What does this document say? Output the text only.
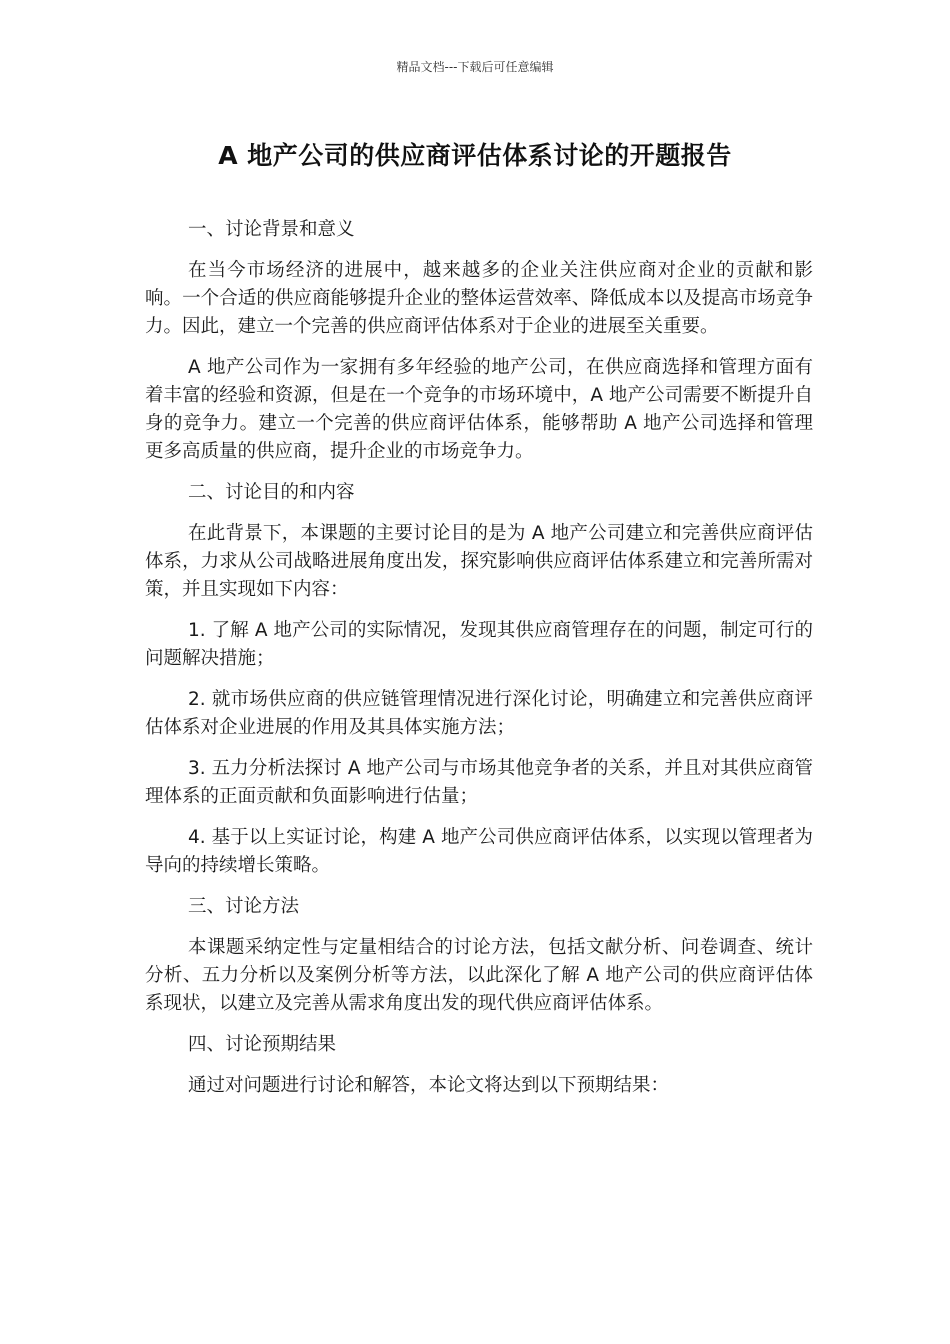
精品文档---下载后可任意编辑
A 地产公司的供应商评估体系讨论的开题报告

一、讨论背景和意义

在当今市场经济的进展中，越来越多的企业关注供应商对企业的贡献和影响。一个合适的供应商能够提升企业的整体运营效率、降低成本以及提高市场竞争力。因此，建立一个完善的供应商评估体系对于企业的进展至关重要。

A 地产公司作为一家拥有多年经验的地产公司，在供应商选择和管理方面有着丰富的经验和资源，但是在一个竞争的市场环境中，A 地产公司需要不断提升自身的竞争力。建立一个完善的供应商评估体系，能够帮助 A 地产公司选择和管理更多高质量的供应商，提升企业的市场竞争力。

二、讨论目的和内容

在此背景下，本课题的主要讨论目的是为 A 地产公司建立和完善供应商评估体系，力求从公司战略进展角度出发，探究影响供应商评估体系建立和完善所需对策，并且实现如下内容：

1. 了解 A 地产公司的实际情况，发现其供应商管理存在的问题，制定可行的问题解决措施；

2. 就市场供应商的供应链管理情况进行深化讨论，明确建立和完善供应商评估体系对企业进展的作用及其具体实施方法；

3. 五力分析法探讨 A 地产公司与市场其他竞争者的关系，并且对其供应商管理体系的正面贡献和负面影响进行估量；

4. 基于以上实证讨论，构建 A 地产公司供应商评估体系，以实现以管理者为导向的持续增长策略。

三、讨论方法

本课题采纳定性与定量相结合的讨论方法，包括文献分析、问卷调查、统计分析、五力分析以及案例分析等方法，以此深化了解 A 地产公司的供应商评估体系现状，以建立及完善从需求角度出发的现代供应商评估体系。

四、讨论预期结果

通过对问题进行讨论和解答，本论文将达到以下预期结果：
